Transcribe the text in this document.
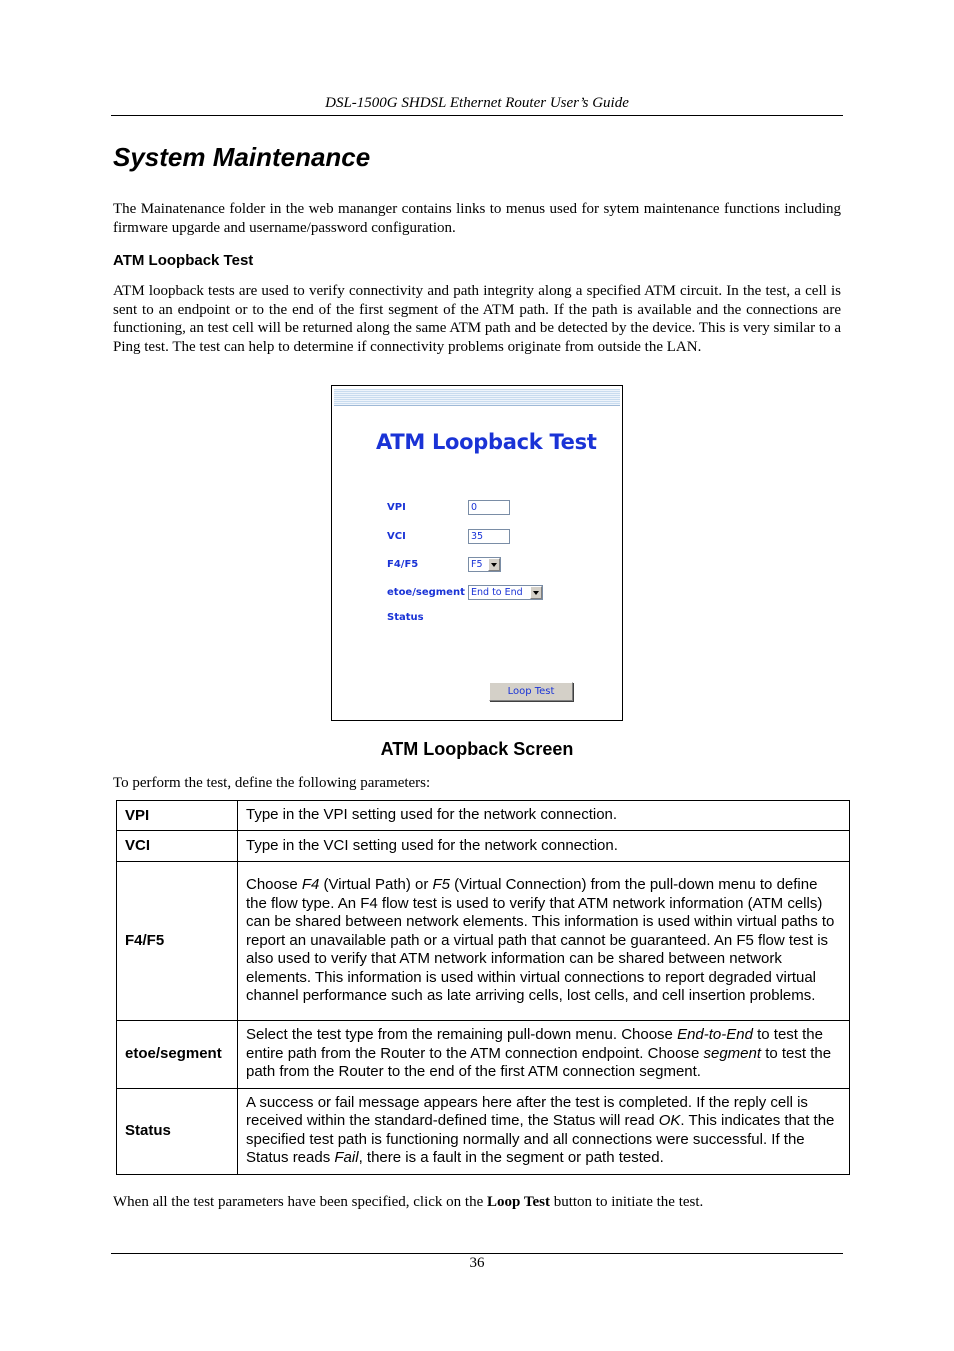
DSL-1500G SHDSL Ethernet Router User’s Guide
System Maintenance

The Mainatenance folder in the web mananger contains links to menus used for sytem maintenance functions including firmware upgarde and username/password configuration.

ATM Loopback Test

ATM loopback tests are used to verify connectivity and path integrity along a specified ATM circuit. In the test, a cell is sent to an endpoint or to the end of the first segment of the ATM path. If the path is available and the connections are functioning, an test cell will be returned along the same ATM path and be detected by the device. This is very similar to a Ping test. The test can help to determine if connectivity problems originate from outside the LAN.

ATM Loopback Test
VPI	0
VCI	35
F4/F5	F5
etoe/segment End to End
Status
Loop Test
ATM Loopback Screen

To perform the test, define the following parameters:

VPI	Type in the VPI setting used for the network connection.
VCI	Type in the VCI setting used for the network connection.
F4/F5	Choose F4 (Virtual Path) or F5 (Virtual Connection) from the pull-down menu to define the flow type. An F4 flow test is used to verify that ATM network information (ATM cells) can be shared between network elements. This information is used within virtual paths to report an unavailable path or a virtual path that cannot be guaranteed. An F5 flow test is also used to verify that ATM network information can be shared between network elements. This information is used within virtual connections to report degraded virtual channel performance such as late arriving cells, lost cells, and cell insertion problems.
etoe/segment	Select the test type from the remaining pull-down menu. Choose End-to-End to test the entire path from the Router to the ATM connection endpoint. Choose segment to test the path from the Router to the end of the first ATM connection segment.
Status	A success or fail message appears here after the test is completed. If the reply cell is received within the standard-defined time, the Status will read OK. This indicates that the specified test path is functioning normally and all connections were successful. If the Status reads Fail, there is a fault in the segment or path tested.

When all the test parameters have been specified, click on the Loop Test button to initiate the test.

36
